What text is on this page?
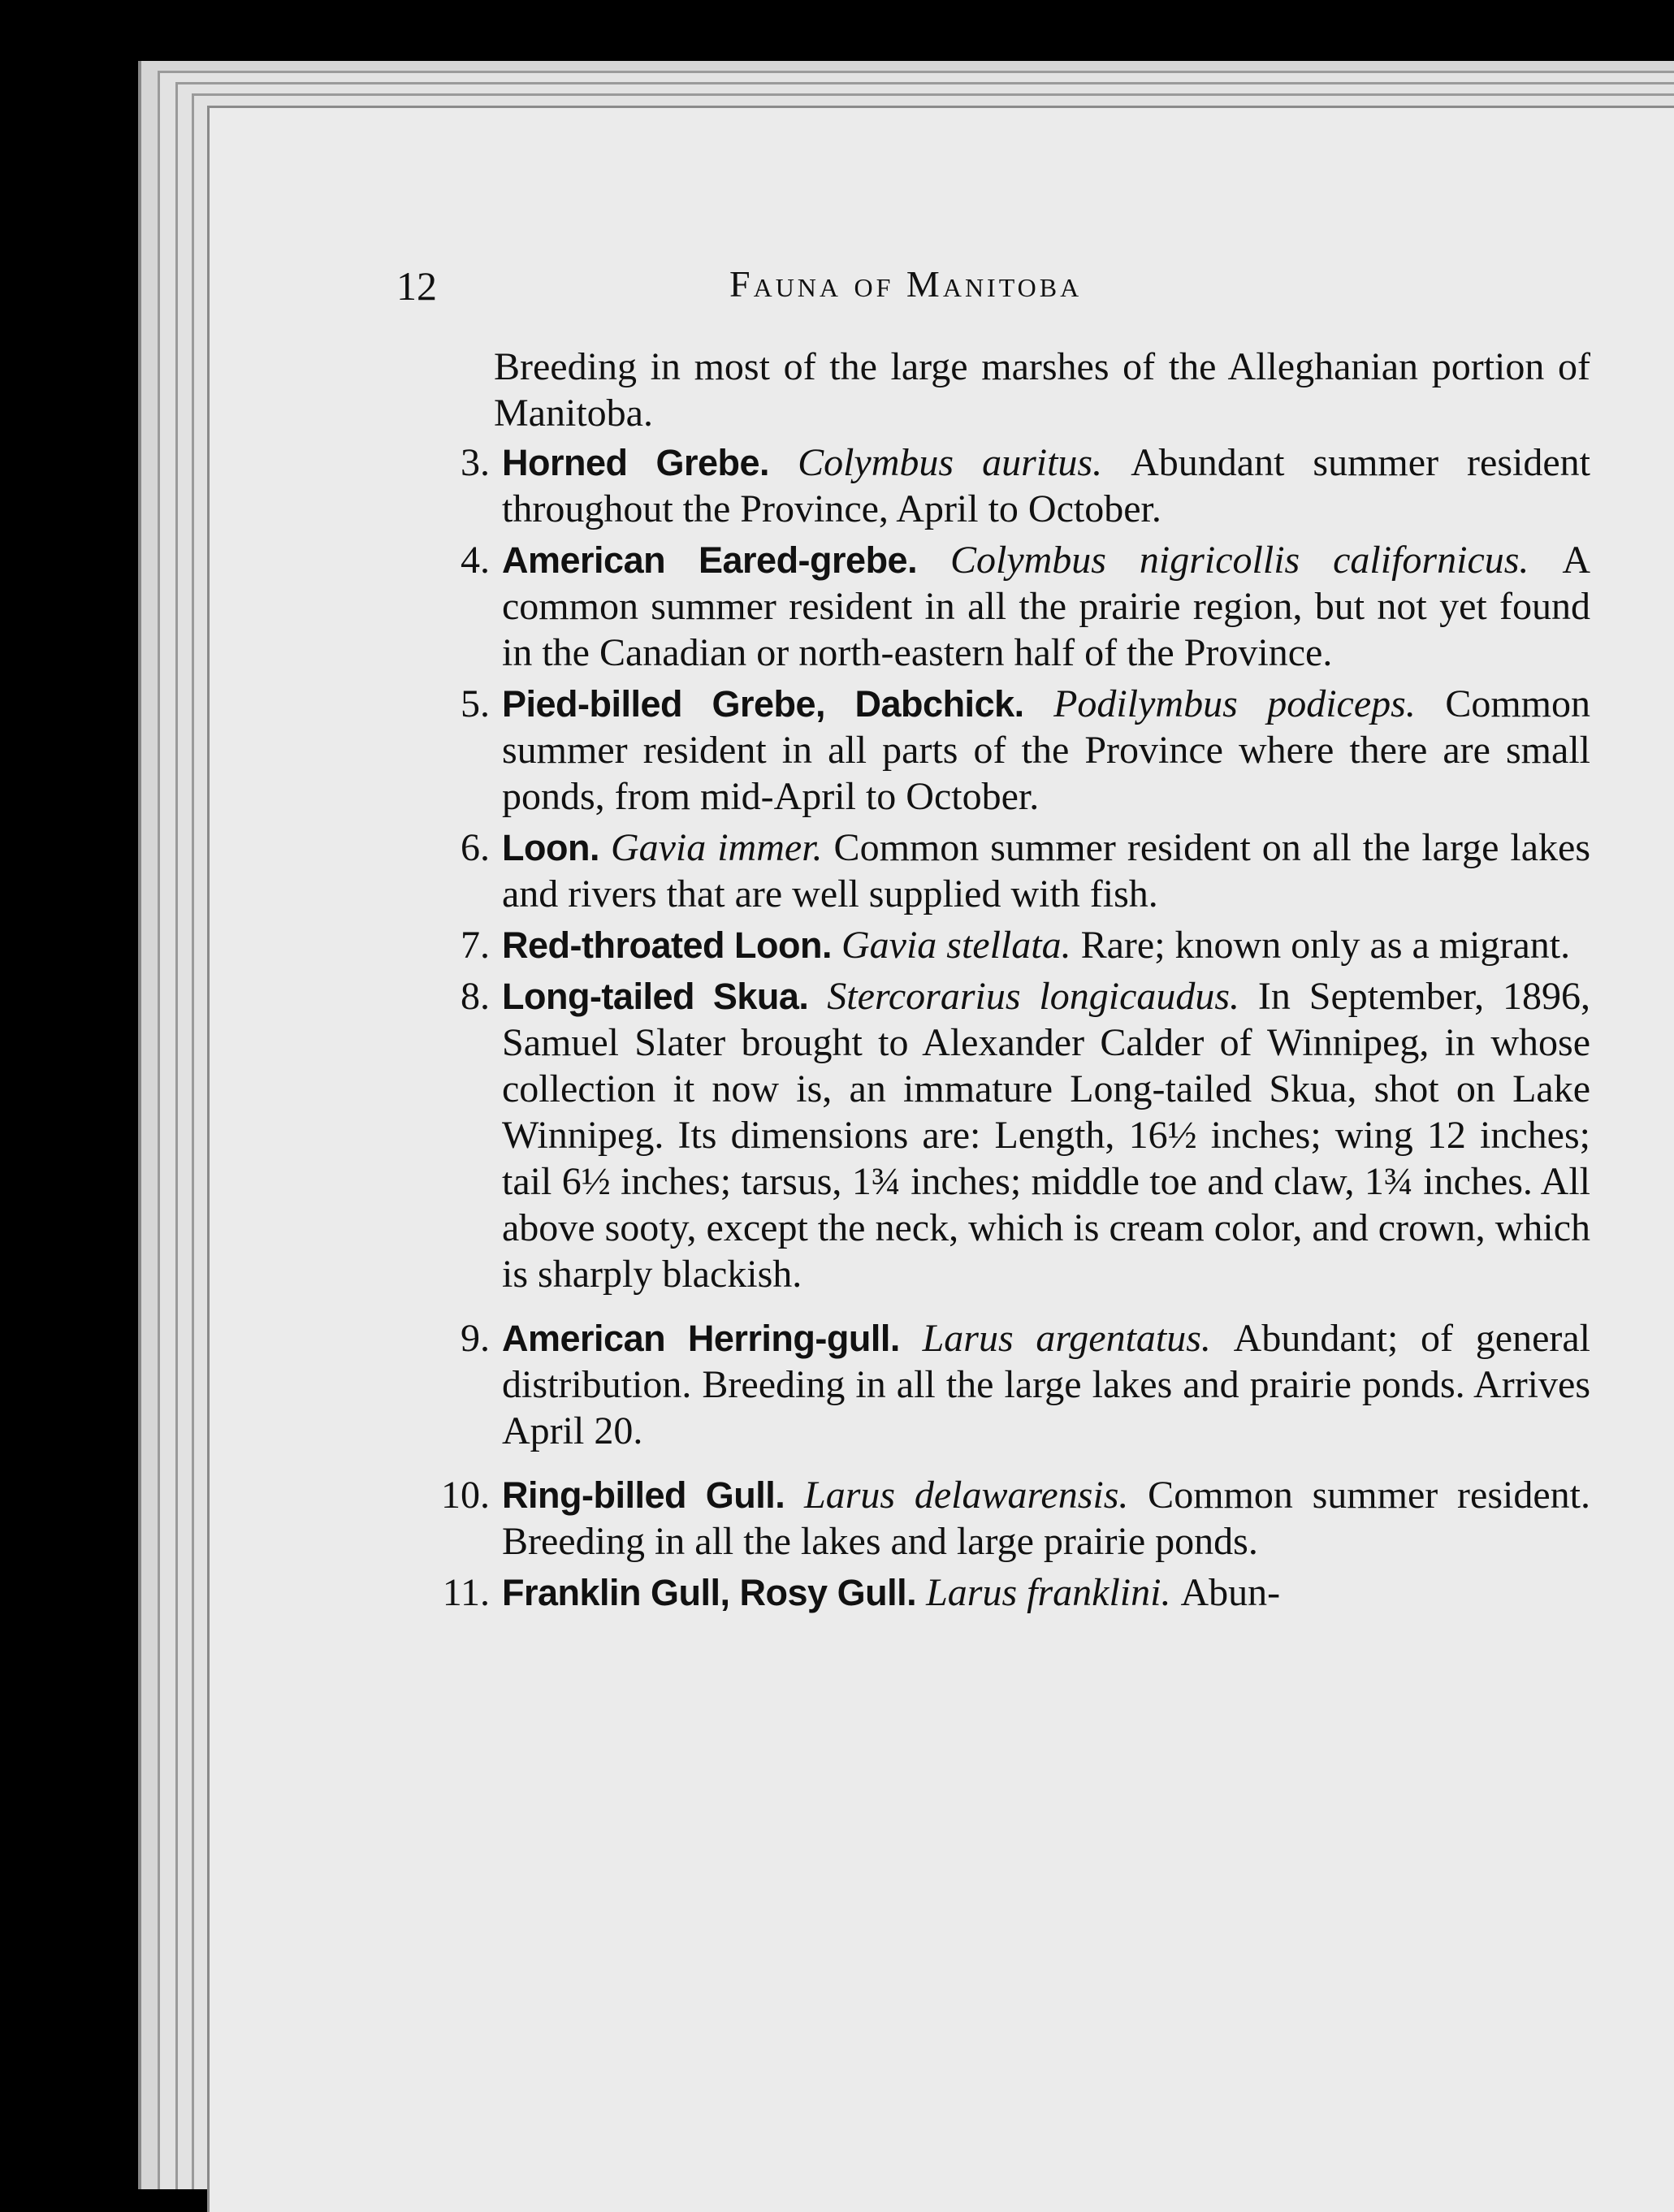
12	Fauna of Manitoba
Breeding in most of the large marshes of the Alleghanian portion of Manitoba.
3. Horned Grebe. Colymbus auritus. Abundant summer resident throughout the Province, April to October.
4. American Eared-grebe. Colymbus nigricollis californicus. A common summer resident in all the prairie region, but not yet found in the Canadian or north-eastern half of the Province.
5. Pied-billed Grebe, Dabchick. Podilymbus podiceps. Common summer resident in all parts of the Province where there are small ponds, from mid-April to October.
6. Loon. Gavia immer. Common summer resident on all the large lakes and rivers that are well supplied with fish.
7. Red-throated Loon. Gavia stellata. Rare; known only as a migrant.
8. Long-tailed Skua. Stercorarius longicaudus. In September, 1896, Samuel Slater brought to Alexander Calder of Winnipeg, in whose collection it now is, an immature Long-tailed Skua, shot on Lake Winnipeg. Its dimensions are: Length, 16½ inches; wing 12 inches; tail 6½ inches; tarsus, 1¾ inches; middle toe and claw, 1¾ inches. All above sooty, except the neck, which is cream color, and crown, which is sharply blackish.
9. American Herring-gull. Larus argentatus. Abundant; of general distribution. Breeding in all the large lakes and prairie ponds. Arrives April 20.
10. Ring-billed Gull. Larus delawarensis. Common summer resident. Breeding in all the lakes and large prairie ponds.
11. Franklin Gull, Rosy Gull. Larus franklini. Abun-
